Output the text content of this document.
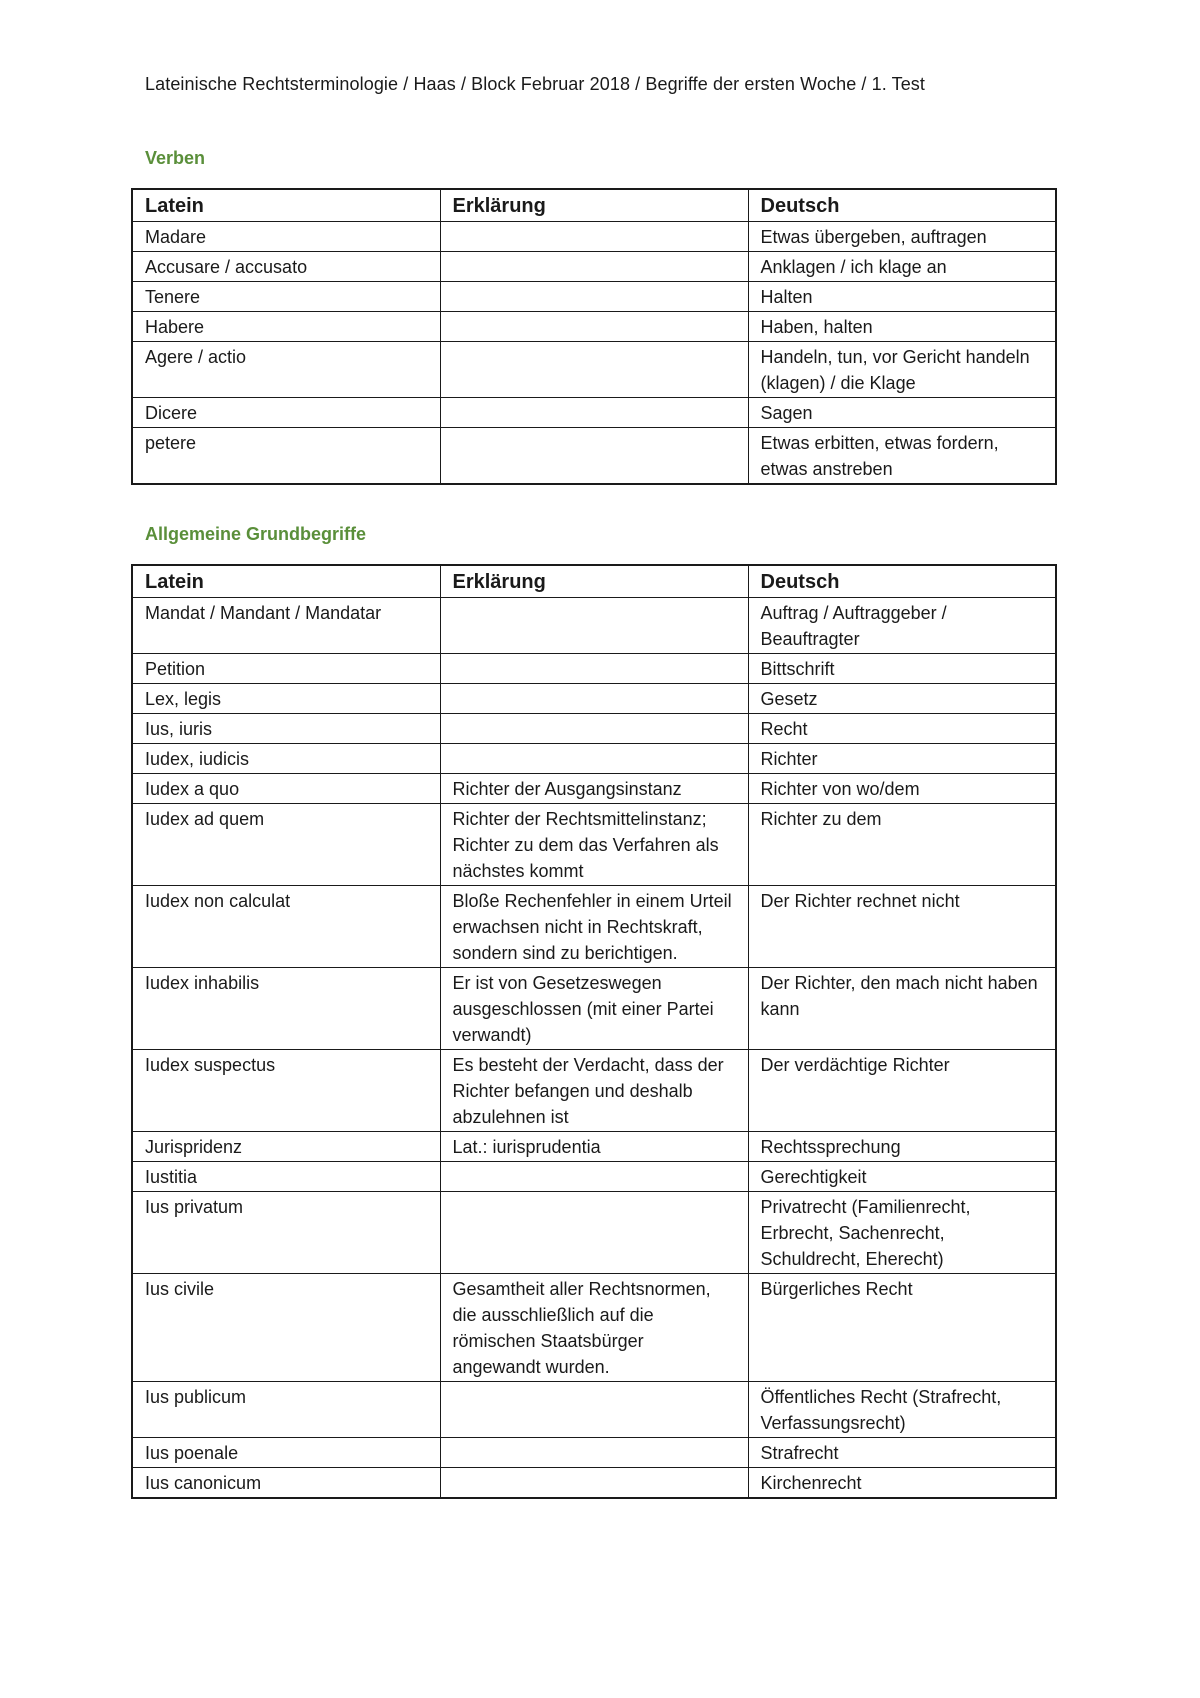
Lateinische Rechtsterminologie / Haas / Block Februar 2018 / Begriffe der ersten Woche / 1. Test
Verben
Latein	Erklärung	Deutsch
Madare		Etwas übergeben, auftragen
Accusare / accusato		Anklagen / ich klage an
Tenere		Halten
Habere		Haben, halten
Agere / actio		Handeln, tun, vor Gericht handeln (klagen) / die Klage
Dicere		Sagen
petere		Etwas erbitten, etwas fordern, etwas anstreben
Allgemeine Grundbegriffe
Latein	Erklärung	Deutsch
Mandat / Mandant / Mandatar		Auftrag / Auftraggeber / Beauftragter
Petition		Bittschrift
Lex, legis		Gesetz
Ius, iuris		Recht
Iudex, iudicis		Richter
Iudex a quo	Richter der Ausgangsinstanz	Richter von wo/dem
Iudex ad quem	Richter der Rechtsmittelinstanz; Richter zu dem das Verfahren als nächstes kommt	Richter zu dem
Iudex non calculat	Bloße Rechenfehler in einem Urteil erwachsen nicht in Rechtskraft, sondern sind zu berichtigen.	Der Richter rechnet nicht
Iudex inhabilis	Er ist von Gesetzeswegen ausgeschlossen (mit einer Partei verwandt)	Der Richter, den mach nicht haben kann
Iudex suspectus	Es besteht der Verdacht, dass der Richter befangen und deshalb abzulehnen ist	Der verdächtige Richter
Jurispridenz	Lat.: iurisprudentia	Rechtssprechung
Iustitia		Gerechtigkeit
Ius privatum		Privatrecht (Familienrecht, Erbrecht, Sachenrecht, Schuldrecht, Eherecht)
Ius civile	Gesamtheit aller Rechtsnormen, die ausschließlich auf die römischen Staatsbürger angewandt wurden.	Bürgerliches Recht
Ius publicum		Öffentliches Recht (Strafrecht, Verfassungsrecht)
Ius poenale		Strafrecht
Ius canonicum		Kirchenrecht
